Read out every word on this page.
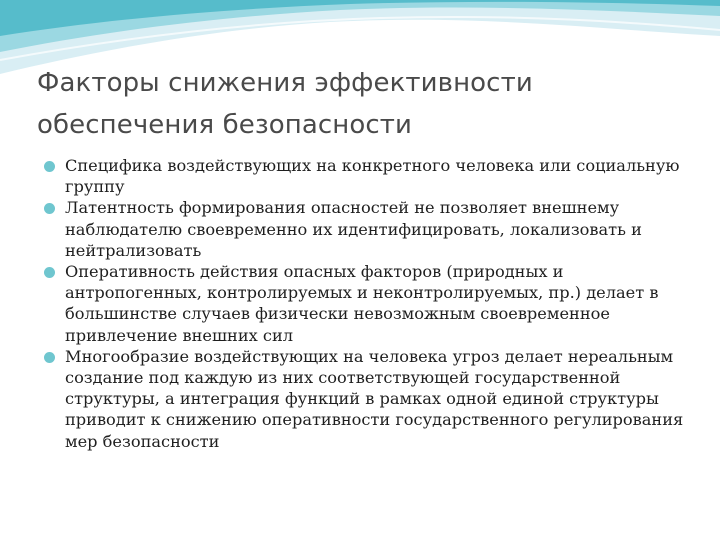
Факторы снижения эффективности обеспечения безопасности
Специфика воздействующих на конкретного человека или социальную группу
Латентность формирования опасностей не позволяет внешнему наблюдателю своевременно их идентифицировать, локализовать и нейтрализовать
Оперативность действия опасных факторов (природных и антропогенных, контролируемых и неконтролируемых, пр.) делает в большинстве случаев физически невозможным своевременное привлечение внешних сил
Многообразие воздействующих на человека угроз делает нереальным создание под каждую из них соответствующей государственной структуры, а интеграция функций в рамках одной единой структуры приводит к снижению оперативности государственного регулирования мер безопасности
